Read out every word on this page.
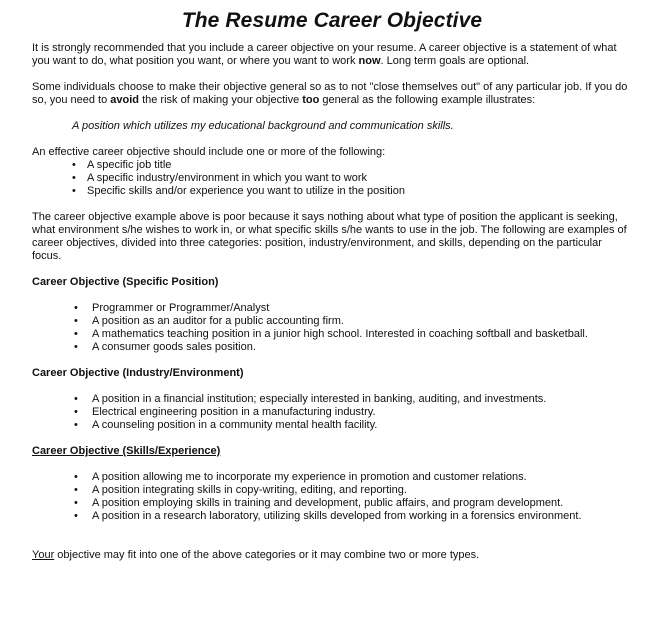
The Resume Career Objective

It is strongly recommended that you include a career objective on your resume. A career objective is a statement of what you want to do, what position you want, or where you want to work now. Long term goals are optional.

Some individuals choose to make their objective general so as to not "close themselves out" of any particular job. If you do so, you need to avoid the risk of making your objective too general as the following example illustrates:

A position which utilizes my educational background and communication skills.

An effective career objective should include one or more of the following:

• A specific job title
• A specific industry/environment in which you want to work
• Specific skills and/or experience you want to utilize in the position

The career objective example above is poor because it says nothing about what type of position the applicant is seeking, what environment s/he wishes to work in, or what specific skills s/he wants to use in the job. The following are examples of career objectives, divided into three categories: position, industry/environment, and skills, depending on the particular focus.

Career Objective (Specific Position)

• Programmer or Programmer/Analyst
• A position as an auditor for a public accounting firm.
• A mathematics teaching position in a junior high school. Interested in coaching softball and basketball.
• A consumer goods sales position.

Career Objective (Industry/Environment)

• A position in a financial institution; especially interested in banking, auditing, and investments.
• Electrical engineering position in a manufacturing industry.
• A counseling position in a community mental health facility.

Career Objective (Skills/Experience)

• A position allowing me to incorporate my experience in promotion and customer relations.
• A position integrating skills in copy-writing, editing, and reporting.
• A position employing skills in training and development, public affairs, and program development.
• A position in a research laboratory, utilizing skills developed from working in a forensics environment.

Your objective may fit into one of the above categories or it may combine two or more types.
